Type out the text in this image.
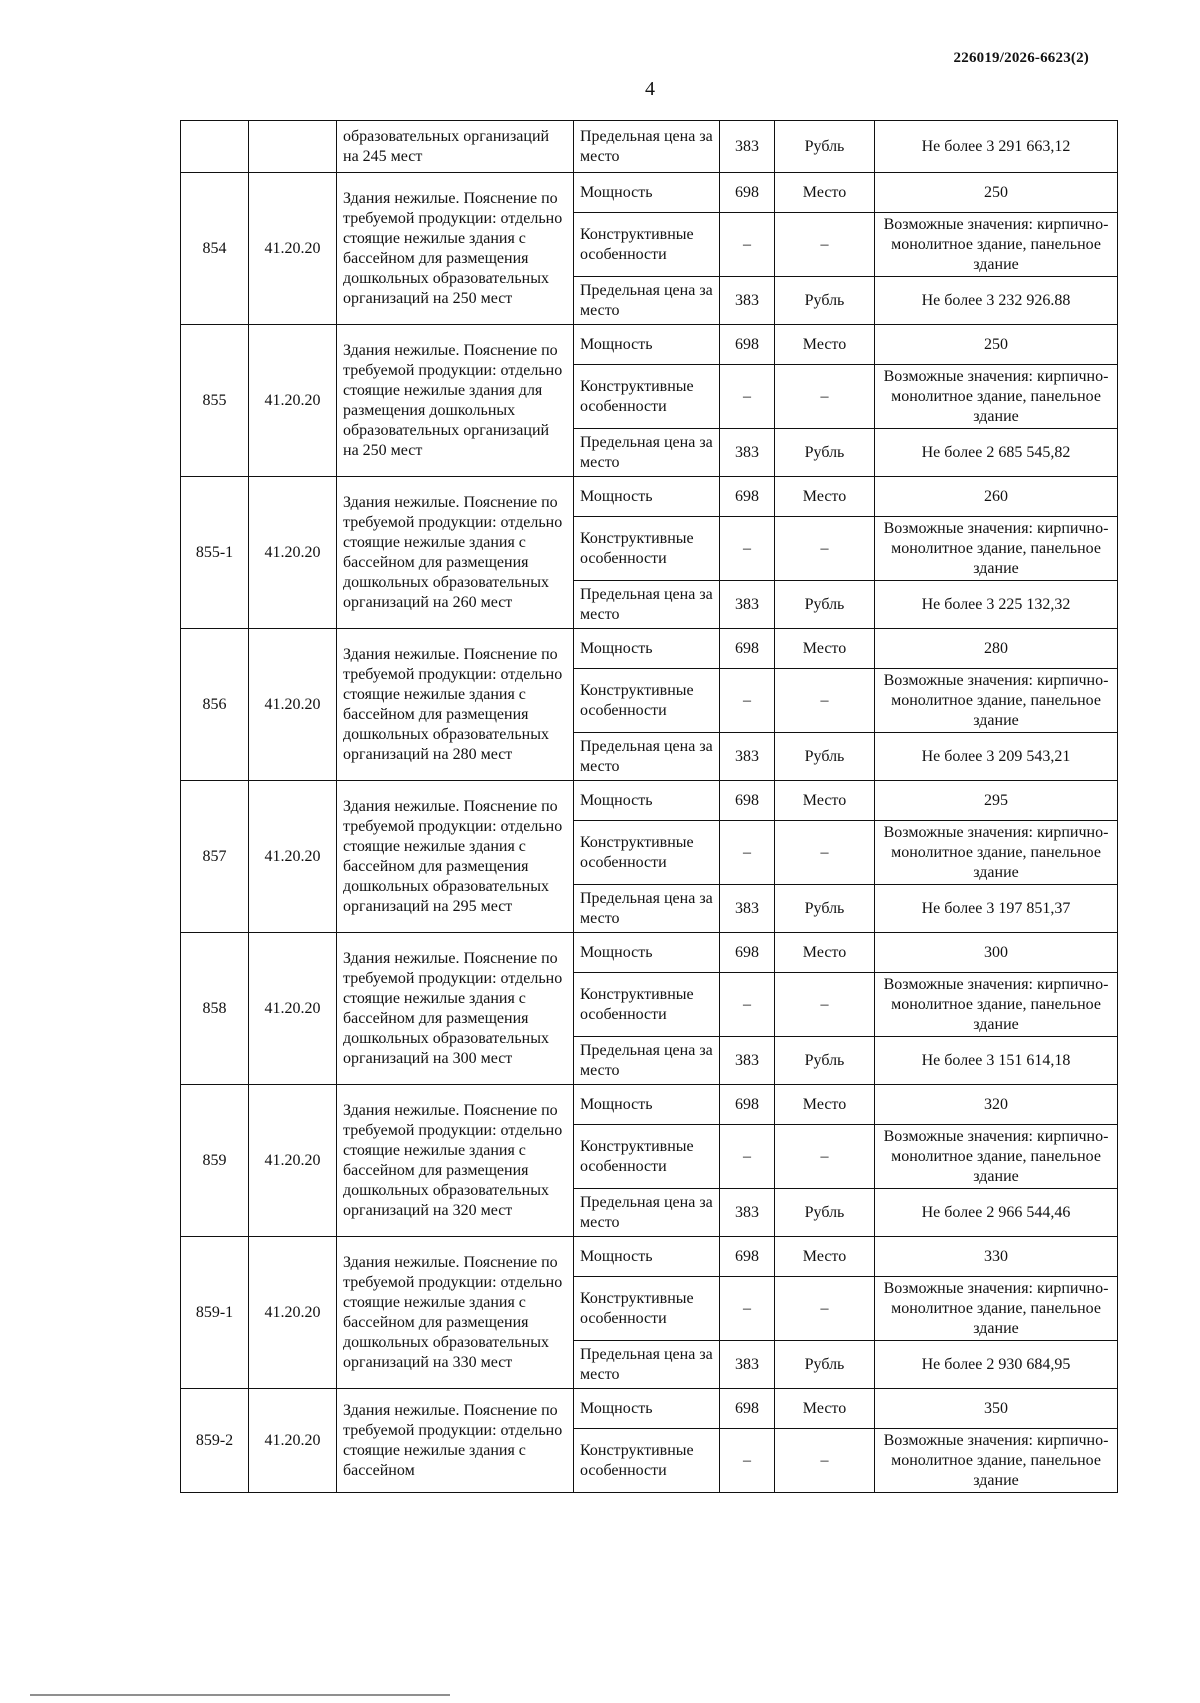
226019/2026-6623(2)
4
		образовательных организаций на 245 мест	Предельная цена за место	383	Рубль	Не более 3 291 663,12
854	41.20.20	Здания нежилые. Пояснение по требуемой продукции: отдельно стоящие нежилые здания с бассейном для размещения дошкольных образовательных организаций на 250 мест	Мощность	698	Место	250
			Конструктивные особенности	–	–	Возможные значения: кирпично-монолитное здание, панельное здание
			Предельная цена за место	383	Рубль	Не более 3 232 926.88
855	41.20.20	Здания нежилые. Пояснение по требуемой продукции: отдельно стоящие нежилые здания для размещения дошкольных образовательных организаций на 250 мест	Мощность	698	Место	250
			Конструктивные особенности	–	–	Возможные значения: кирпично-монолитное здание, панельное здание
			Предельная цена за место	383	Рубль	Не более 2 685 545,82
855-1	41.20.20	Здания нежилые. Пояснение по требуемой продукции: отдельно стоящие нежилые здания с бассейном для размещения дошкольных образовательных организаций на 260 мест	Мощность	698	Место	260
			Конструктивные особенности	–	–	Возможные значения: кирпично-монолитное здание, панельное здание
			Предельная цена за место	383	Рубль	Не более 3 225 132,32
856	41.20.20	Здания нежилые. Пояснение по требуемой продукции: отдельно стоящие нежилые здания с бассейном для размещения дошкольных образовательных организаций на 280 мест	Мощность	698	Место	280
			Конструктивные особенности	–	–	Возможные значения: кирпично-монолитное здание, панельное здание
			Предельная цена за место	383	Рубль	Не более 3 209 543,21
857	41.20.20	Здания нежилые. Пояснение по требуемой продукции: отдельно стоящие нежилые здания с бассейном для размещения дошкольных образовательных организаций на 295 мест	Мощность	698	Место	295
			Конструктивные особенности	–	–	Возможные значения: кирпично-монолитное здание, панельное здание
			Предельная цена за место	383	Рубль	Не более 3 197 851,37
858	41.20.20	Здания нежилые. Пояснение по требуемой продукции: отдельно стоящие нежилые здания с бассейном для размещения дошкольных образовательных организаций на 300 мест	Мощность	698	Место	300
			Конструктивные особенности	–	–	Возможные значения: кирпично-монолитное здание, панельное здание
			Предельная цена за место	383	Рубль	Не более 3 151 614,18
859	41.20.20	Здания нежилые. Пояснение по требуемой продукции: отдельно стоящие нежилые здания с бассейном для размещения дошкольных образовательных организаций на 320 мест	Мощность	698	Место	320
			Конструктивные особенности	–	–	Возможные значения: кирпично-монолитное здание, панельное здание
			Предельная цена за место	383	Рубль	Не более 2 966 544,46
859-1	41.20.20	Здания нежилые. Пояснение по требуемой продукции: отдельно стоящие нежилые здания с бассейном для размещения дошкольных образовательных организаций на 330 мест	Мощность	698	Место	330
			Конструктивные особенности	–	–	Возможные значения: кирпично-монолитное здание, панельное здание
			Предельная цена за место	383	Рубль	Не более 2 930 684,95
859-2	41.20.20	Здания нежилые. Пояснение по требуемой продукции: отдельно стоящие нежилые здания с бассейном	Мощность	698	Место	350
			Конструктивные особенности	–	–	Возможные значения: кирпично-монолитное здание, панельное здание
